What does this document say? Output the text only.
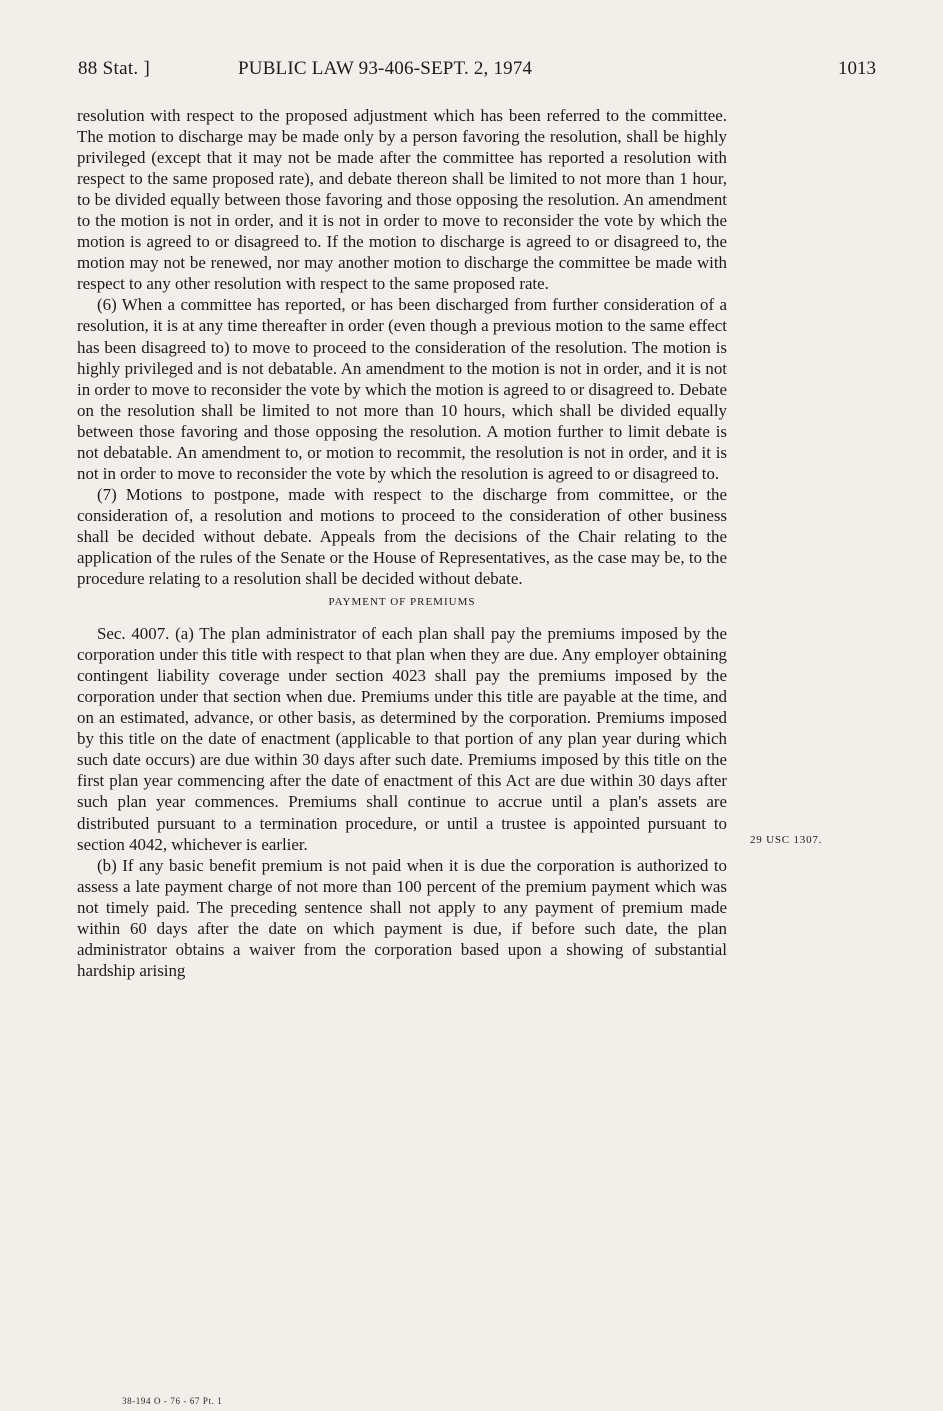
88 Stat. ]	PUBLIC LAW 93-406-SEPT. 2, 1974	1013

resolution with respect to the proposed adjustment which has been referred to the committee. The motion to discharge may be made only by a person favoring the resolution, shall be highly privileged (except that it may not be made after the committee has reported a resolution with respect to the same proposed rate), and debate thereon shall be limited to not more than 1 hour, to be divided equally between those favoring and those opposing the resolution. An amendment to the motion is not in order, and it is not in order to move to reconsider the vote by which the motion is agreed to or disagreed to. If the motion to discharge is agreed to or disagreed to, the motion may not be renewed, nor may another motion to discharge the committee be made with respect to any other resolution with respect to the same proposed rate.

(6) When a committee has reported, or has been discharged from further consideration of a resolution, it is at any time thereafter in order (even though a previous motion to the same effect has been disagreed to) to move to proceed to the consideration of the resolution. The motion is highly privileged and is not debatable. An amendment to the motion is not in order, and it is not in order to move to reconsider the vote by which the motion is agreed to or disagreed to. Debate on the resolution shall be limited to not more than 10 hours, which shall be divided equally between those favoring and those opposing the resolution. A motion further to limit debate is not debatable. An amendment to, or motion to recommit, the resolution is not in order, and it is not in order to move to reconsider the vote by which the resolution is agreed to or disagreed to.

(7) Motions to postpone, made with respect to the discharge from committee, or the consideration of, a resolution and motions to proceed to the consideration of other business shall be decided without debate. Appeals from the decisions of the Chair relating to the application of the rules of the Senate or the House of Representatives, as the case may be, to the procedure relating to a resolution shall be decided without debate.

PAYMENT OF PREMIUMS

Sec. 4007. (a) The plan administrator of each plan shall pay the premiums imposed by the corporation under this title with respect to that plan when they are due. Any employer obtaining contingent liability coverage under section 4023 shall pay the premiums imposed by the corporation under that section when due. Premiums under this title are payable at the time, and on an estimated, advance, or other basis, as determined by the corporation. Premiums imposed by this title on the date of enactment (applicable to that portion of any plan year during which such date occurs) are due within 30 days after such date. Premiums imposed by this title on the first plan year commencing after the date of enactment of this Act are due within 30 days after such plan year commences. Premiums shall continue to accrue until a plan's assets are distributed pursuant to a termination procedure, or until a trustee is appointed pursuant to section 4042, whichever is earlier.

(b) If any basic benefit premium is not paid when it is due the corporation is authorized to assess a late payment charge of not more than 100 percent of the premium payment which was not timely paid. The preceding sentence shall not apply to any payment of premium made within 60 days after the date on which payment is due, if before such date, the plan administrator obtains a waiver from the corporation based upon a showing of substantial hardship arising

29 USC 1307.
38-194 O - 76 - 67 Pt. 1
